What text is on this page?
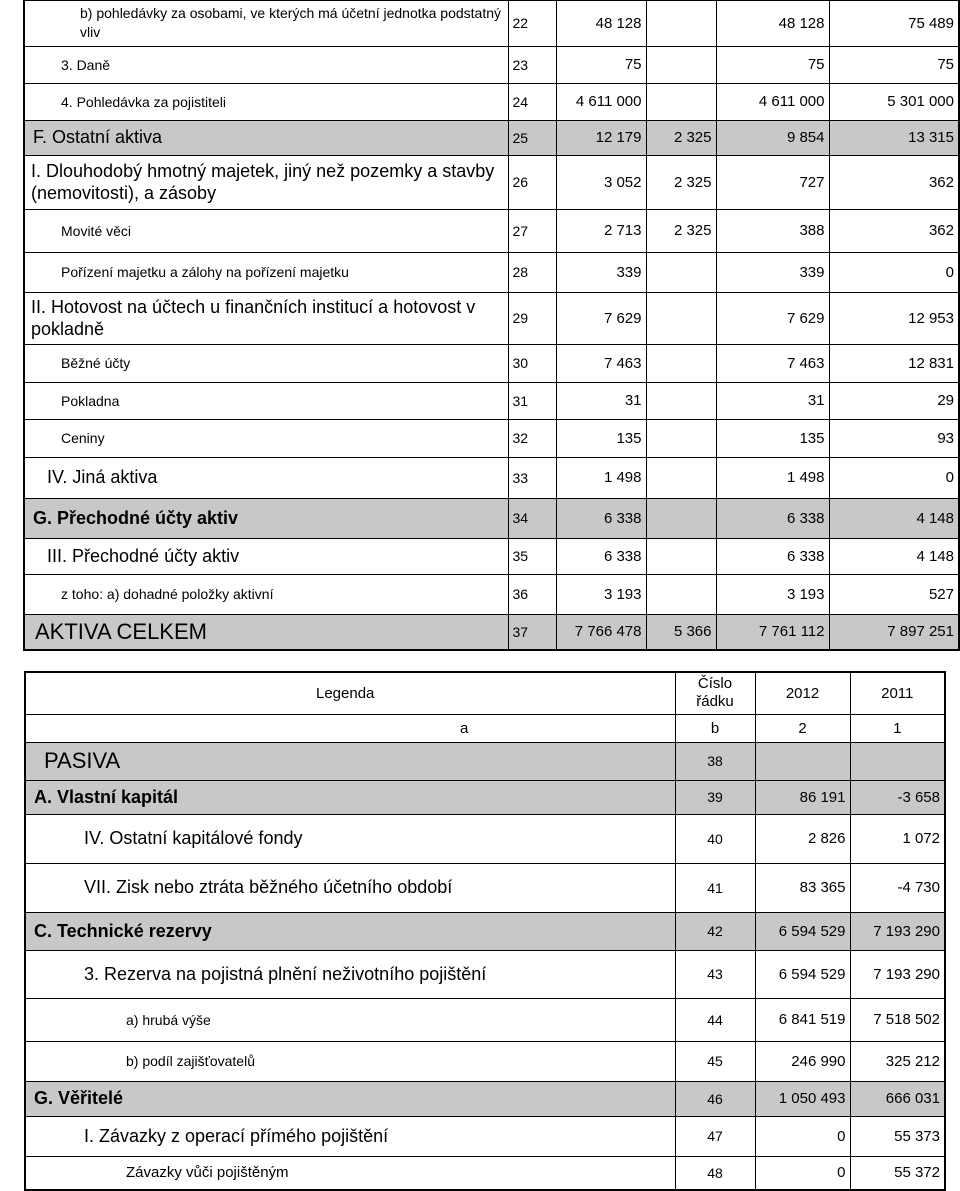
b) pohledávky za osobami, ve kterých má účetní jednotka podstatný vliv	22	48 128		48 128	75 489
3. Daně	23	75		75	75
4. Pohledávka za pojistiteli	24	4 611 000		4 611 000	5 301 000
F. Ostatní aktiva	25	12 179	2 325	9 854	13 315
I. Dlouhodobý hmotný majetek, jiný než pozemky a stavby (nemovitosti), a zásoby	26	3 052	2 325	727	362
Movité věci	27	2 713	2 325	388	362
Pořízení majetku a zálohy na pořízení majetku	28	339		339	0
II. Hotovost na účtech u finančních institucí a hotovost v pokladně	29	7 629		7 629	12 953
Běžné účty	30	7 463		7 463	12 831
Pokladna	31	31		31	29
Ceniny	32	135		135	93
IV. Jiná aktiva	33	1 498		1 498	0
G. Přechodné účty aktiv	34	6 338		6 338	4 148
III. Přechodné účty aktiv	35	6 338		6 338	4 148
z toho: a) dohadné položky aktivní	36	3 193		3 193	527
AKTIVA CELKEM	37	7 766 478	5 366	7 761 112	7 897 251
Legenda	Číslo řádku	2012	2011
a	b	2	1
PASIVA	38		
A. Vlastní kapitál	39	86 191	-3 658
IV. Ostatní kapitálové fondy	40	2 826	1 072
VII. Zisk nebo ztráta běžného účetního období	41	83 365	-4 730
C. Technické rezervy	42	6 594 529	7 193 290
3. Rezerva na pojistná plnění neživotního pojištění	43	6 594 529	7 193 290
a) hrubá výše	44	6 841 519	7 518 502
b) podíl zajišťovatelů	45	246 990	325 212
G. Věřitelé	46	1 050 493	666 031
I. Závazky z operací přímého pojištění	47	0	55 373
Závazky vůči pojištěným	48	0	55 372
